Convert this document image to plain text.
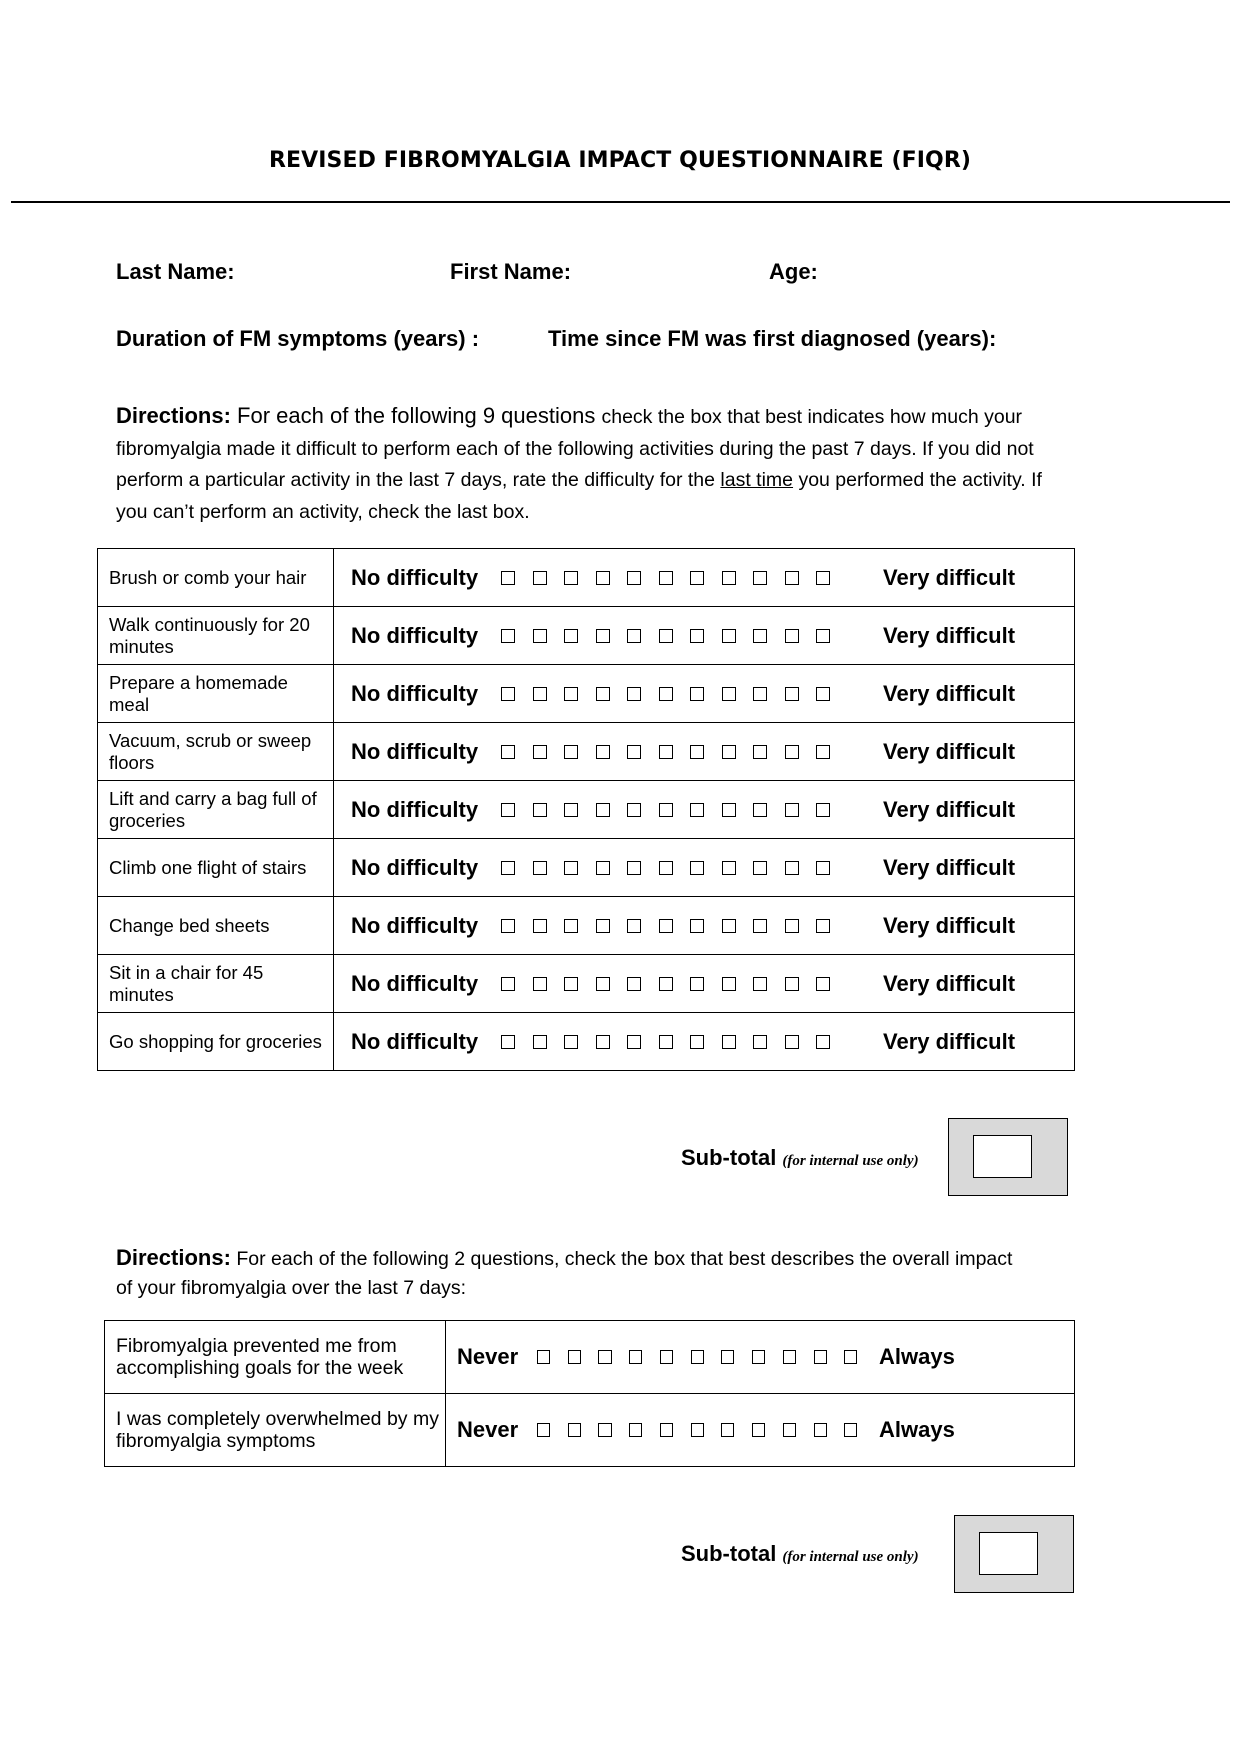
REVISED FIBROMYALGIA IMPACT QUESTIONNAIRE (FIQR)
Last Name:	First Name:	Age:
Duration of FM symptoms (years) :	Time since FM was first diagnosed (years):
Directions: For each of the following 9 questions check the box that best indicates how much your fibromyalgia made it difficult to perform each of the following activities during the past 7 days. If you did not perform a particular activity in the last 7 days, rate the difficulty for the last time you performed the activity. If you can’t perform an activity, check the last box.
Brush or comb your hair	No difficulty Very difficult

Walk continuously for 20 minutes	No difficulty Very difficult

Prepare a homemade meal	No difficulty Very difficult

Vacuum, scrub or sweep floors	No difficulty Very difficult

Lift and carry a bag full of groceries	No difficulty Very difficult

Climb one flight of stairs	No difficulty Very difficult

Change bed sheets	No difficulty Very difficult

Sit in a chair for 45 minutes	No difficulty Very difficult

Go shopping for groceries	No difficulty Very difficult
Sub-total (for internal use only)
Directions: For each of the following 2 questions, check the box that best describes the overall impact of your fibromyalgia over the last 7 days:
Fibromyalgia prevented me from accomplishing goals for the week	Never Always

I was completely overwhelmed by my fibromyalgia symptoms	Never Always
Sub-total (for internal use only)
